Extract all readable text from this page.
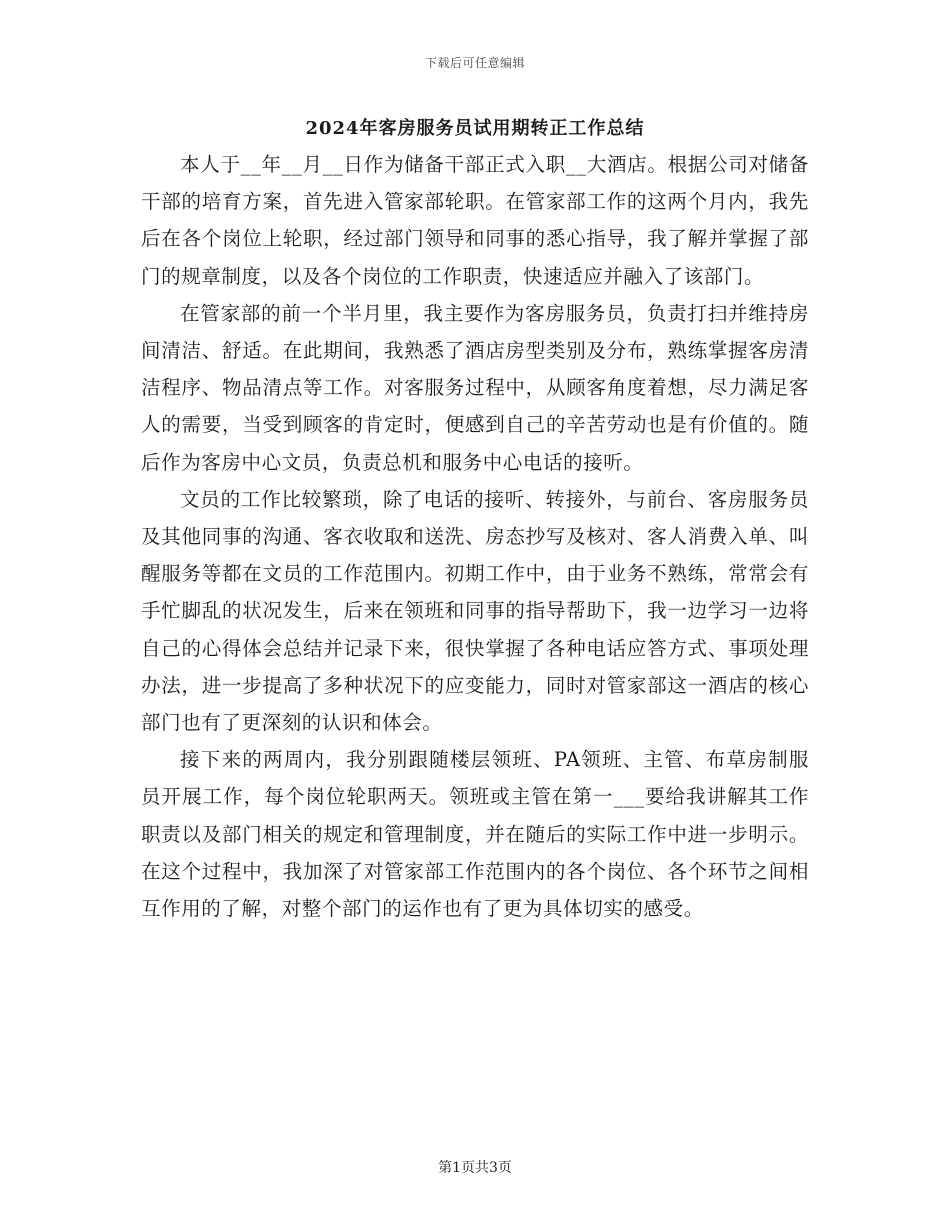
下载后可任意编辑
2024年客房服务员试用期转正工作总结

本人于__年__月__日作为储备干部正式入职__大酒店。根据公司对储备干部的培育方案，首先进入管家部轮职。在管家部工作的这两个月内，我先后在各个岗位上轮职，经过部门领导和同事的悉心指导，我了解并掌握了部门的规章制度，以及各个岗位的工作职责，快速适应并融入了该部门。

在管家部的前一个半月里，我主要作为客房服务员，负责打扫并维持房间清洁、舒适。在此期间，我熟悉了酒店房型类别及分布，熟练掌握客房清洁程序、物品清点等工作。对客服务过程中，从顾客角度着想，尽力满足客人的需要，当受到顾客的肯定时，便感到自己的辛苦劳动也是有价值的。随后作为客房中心文员，负责总机和服务中心电话的接听。

文员的工作比较繁琐，除了电话的接听、转接外，与前台、客房服务员及其他同事的沟通、客衣收取和送洗、房态抄写及核对、客人消费入单、叫醒服务等都在文员的工作范围内。初期工作中，由于业务不熟练，常常会有手忙脚乱的状况发生，后来在领班和同事的指导帮助下，我一边学习一边将自己的心得体会总结并记录下来，很快掌握了各种电话应答方式、事项处理办法，进一步提高了多种状况下的应变能力，同时对管家部这一酒店的核心部门也有了更深刻的认识和体会。

接下来的两周内，我分别跟随楼层领班、PA领班、主管、布草房制服员开展工作，每个岗位轮职两天。领班或主管在第一___要给我讲解其工作职责以及部门相关的规定和管理制度，并在随后的实际工作中进一步明示。在这个过程中，我加深了对管家部工作范围内的各个岗位、各个环节之间相互作用的了解，对整个部门的运作也有了更为具体切实的感受。

第1页共3页
